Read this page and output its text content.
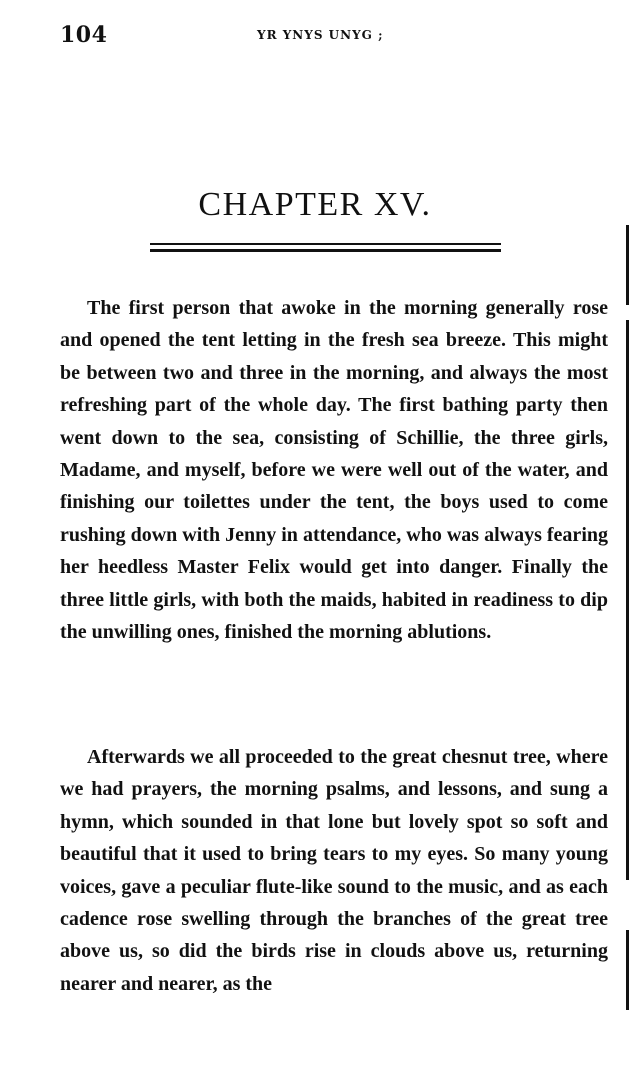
104	YR YNYS UNYG ;
CHAPTER XV.

The first person that awoke in the morning generally rose and opened the tent letting in the fresh sea breeze. This might be between two and three in the morning, and always the most refreshing part of the whole day. The first bathing party then went down to the sea, consisting of Schillie, the three girls, Madame, and myself, before we were well out of the water, and finishing our toilettes under the tent, the boys used to come rushing down with Jenny in attendance, who was always fearing her heedless Master Felix would get into danger. Finally the three little girls, with both the maids, habited in readiness to dip the unwilling ones, finished the morning ablutions.

Afterwards we all proceeded to the great chesnut tree, where we had prayers, the morning psalms, and lessons, and sung a hymn, which sounded in that lone but lovely spot so soft and beautiful that it used to bring tears to my eyes. So many young voices, gave a peculiar flute-like sound to the music, and as each cadence rose swelling through the branches of the great tree above us, so did the birds rise in clouds above us, returning nearer and nearer, as the
